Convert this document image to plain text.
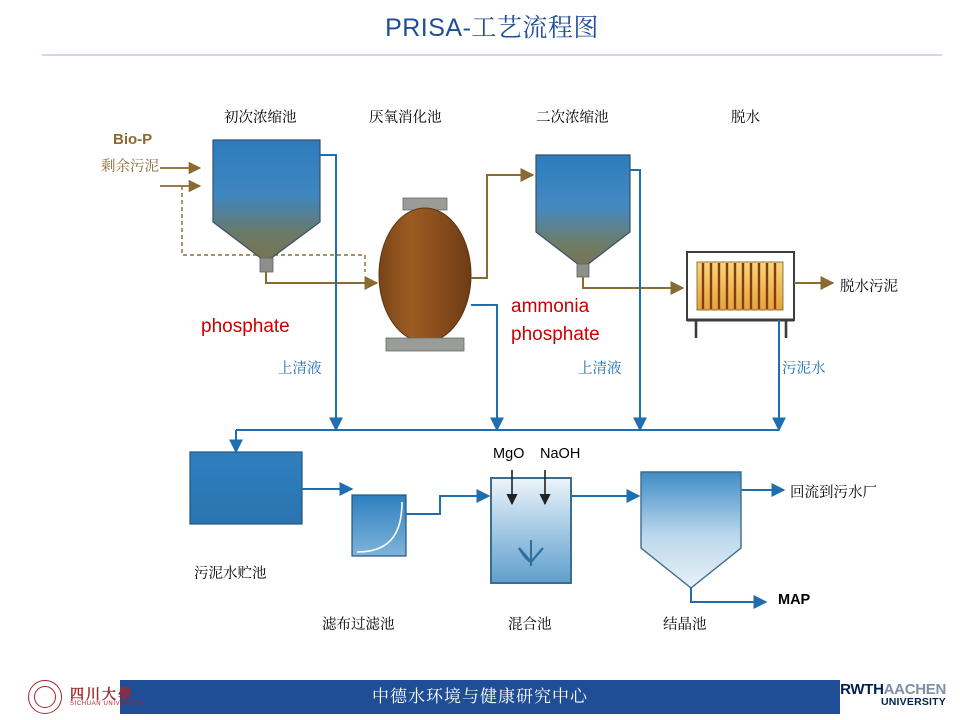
PRISA-工艺流程图
初次浓缩池	厌氧消化池	二次浓缩池	脱水
Bio-P
剩余污泥
phosphate
ammonia
phosphate
上清液	上清液	污泥水
脱水污泥
回流到污水厂
MAP
MgO NaOH
污泥水贮池
滤布过滤池	混合池	结晶池
中德水环境与健康研究中心
四川大學
SICHUAN UNIVERSITY
RWTHAACHEN
UNIVERSITY
